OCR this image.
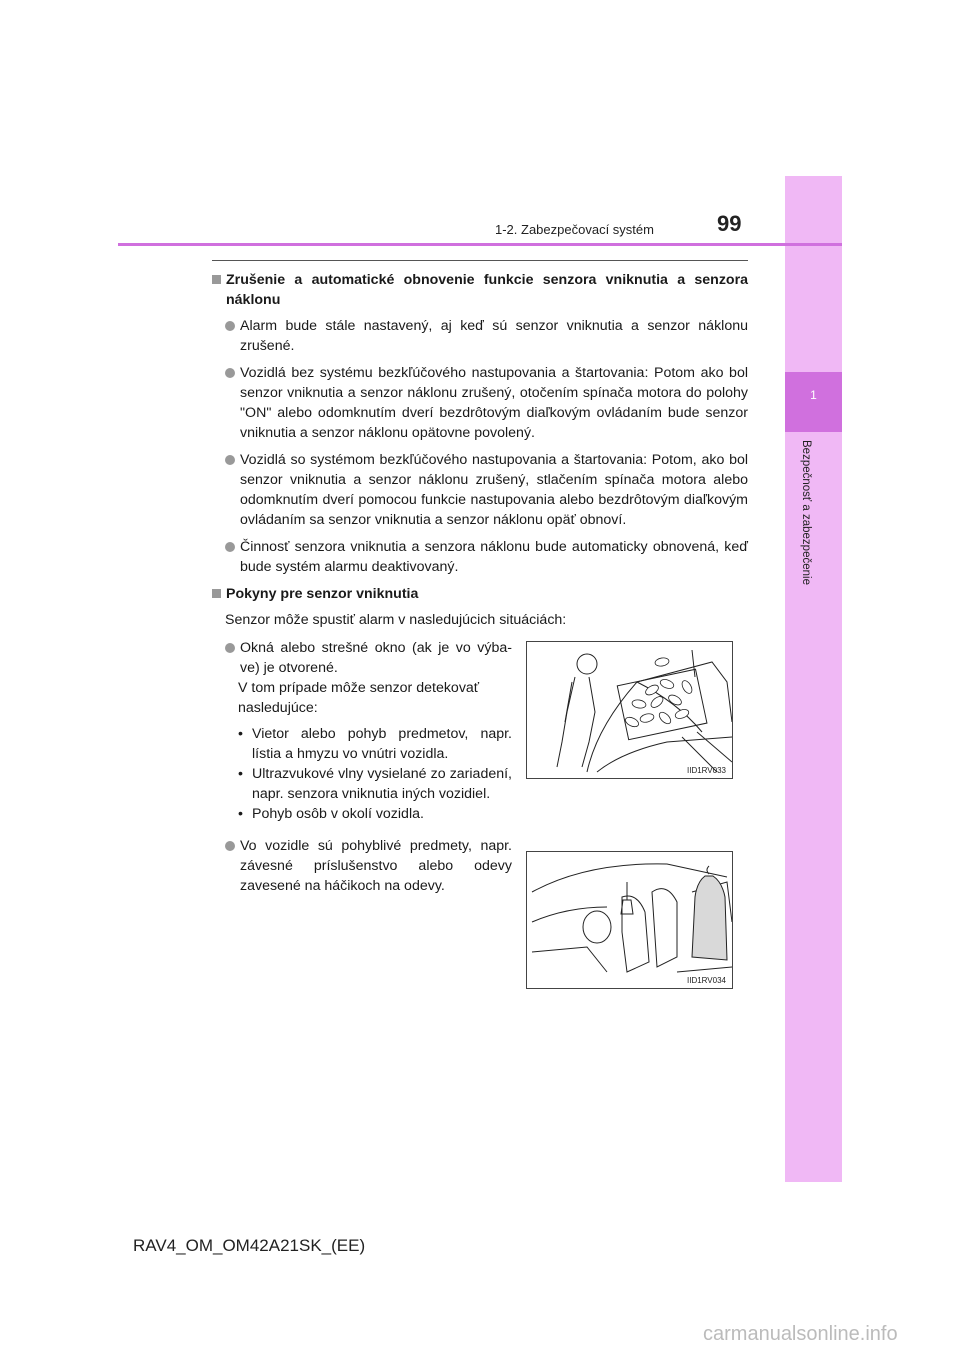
1
Bezpečnosť a zabezpečenie
1-2. Zabezpečovací systém	99
Zrušenie a automatické obnovenie funkcie senzora vniknutia a senzora náklonu
Alarm bude stále nastavený, aj keď sú senzor vniknutia a senzor náklonu zrušené.
Vozidlá bez systému bezkľúčového nastupovania a štartovania: Potom ako bol senzor vniknutia a senzor náklonu zrušený, otočením spínača motora do polohy "ON" alebo odomknutím dverí bezdrôtovým diaľkovým ovládaním bude senzor vniknutia a senzor náklonu opätovne povolený.
Vozidlá so systémom bezkľúčového nastupovania a štartovania: Potom, ako bol senzor vniknutia a senzor náklonu zrušený, stlačením spínača motora alebo odomknutím dverí pomocou funkcie nastupovania alebo bezdrôtovým diaľkovým ovládaním sa senzor vniknutia a senzor náklonu opäť obnoví.
Činnosť senzora vniknutia a senzora náklonu bude automaticky obnovená, keď bude systém alarmu deaktivovaný.
Pokyny pre senzor vniknutia
Senzor môže spustiť alarm v nasledujúcich situáciách:
Okná alebo strešné okno (ak je vo výba-ve) je otvorené.
V tom prípade môže senzor detekovať nasledujúce:
• Vietor alebo pohyb predmetov, napr. lístia a hmyzu vo vnútri vozidla.
• Ultrazvukové vlny vysielané zo zariadení, napr. senzora vniknutia iných vozidiel.
• Pohyb osôb v okolí vozidla.
Vo vozidle sú pohyblivé predmety, napr. závesné príslušenstvo alebo odevy zavesené na háčikoch na odevy.
IID1RV033
IID1RV034
RAV4_OM_OM42A21SK_(EE)
carmanualsonline.info
